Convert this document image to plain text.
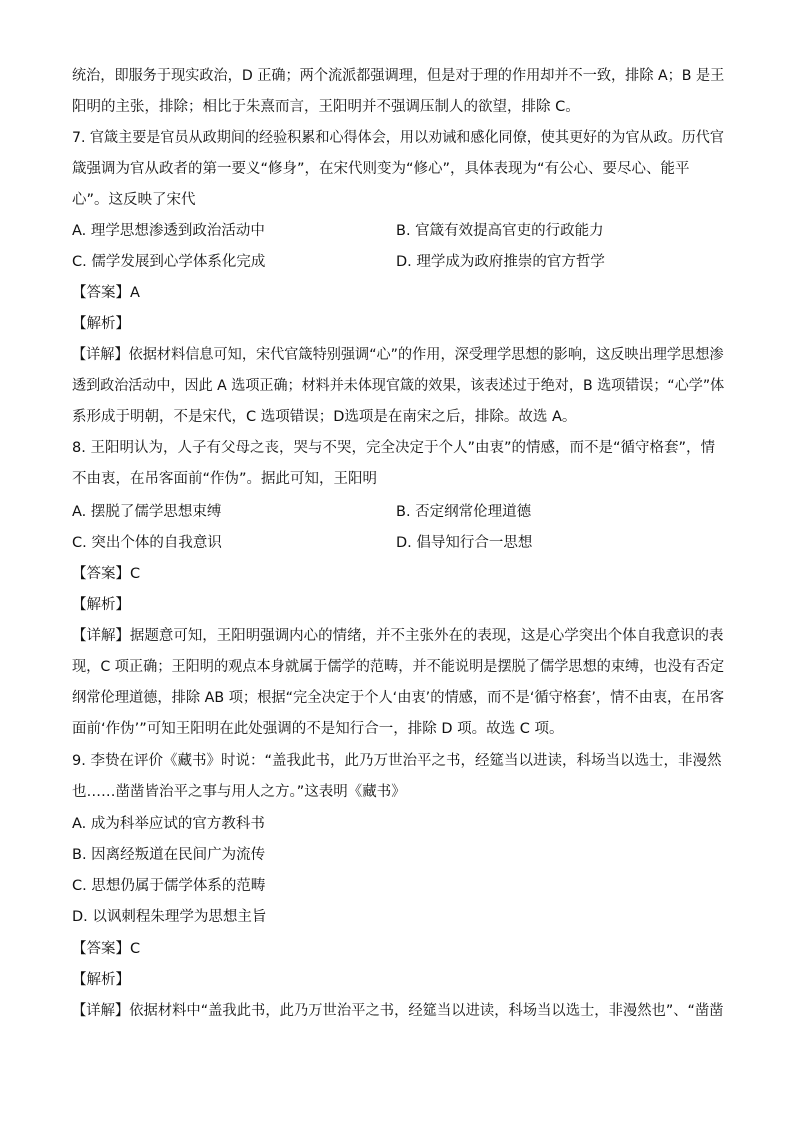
统治，即服务于现实政治，D 正确；两个流派都强调理，但是对于理的作用却并不一致，排除 A；B 是王
阳明的主张，排除；相比于朱熹而言，王阳明并不强调压制人的欲望，排除 C。
7. 官箴主要是官员从政期间的经验积累和心得体会，用以劝诫和感化同僚，使其更好的为官从政。历代官
箴强调为官从政者的第一要义“修身”，在宋代则变为“修心”，具体表现为“有公心、要尽心、能平
心”。这反映了宋代
A. 理学思想渗透到政治活动中	B. 官箴有效提高官吏的行政能力
C. 儒学发展到心学体系化完成	D. 理学成为政府推崇的官方哲学
【答案】A
【解析】
【详解】依据材料信息可知，宋代官箴特别强调“心”的作用，深受理学思想的影响，这反映出理学思想渗
透到政治活动中，因此 A 选项正确；材料并未体现官箴的效果，该表述过于绝对，B 选项错误；“心学”体
系形成于明朝，不是宋代，C 选项错误；D选项是在南宋之后，排除。故选 A。
8. 王阳明认为，人子有父母之丧，哭与不哭，完全决定于个人”由衷”的情感，而不是“循守格套”，情
不由衷，在吊客面前“作伪”。据此可知，王阳明
A. 摆脱了儒学思想束缚	B. 否定纲常伦理道德
C. 突出个体的自我意识	D. 倡导知行合一思想
【答案】C
【解析】
【详解】据题意可知，王阳明强调内心的情绪，并不主张外在的表现，这是心学突出个体自我意识的表
现，C 项正确；王阳明的观点本身就属于儒学的范畴，并不能说明是摆脱了儒学思想的束缚，也没有否定
纲常伦理道德，排除 AB 项；根据“完全决定于个人‘由衷’的情感，而不是‘循守格套’，情不由衷，在吊客
面前‘作伪’”可知王阳明在此处强调的不是知行合一，排除 D 项。故选 C 项。
9. 李贽在评价《藏书》时说：“盖我此书，此乃万世治平之书，经筵当以进读，科场当以选士，非漫然
也……凿凿皆治平之事与用人之方。”这表明《藏书》
A. 成为科举应试的官方教科书
B. 因离经叛道在民间广为流传
C. 思想仍属于儒学体系的范畴
D. 以讽刺程朱理学为思想主旨
【答案】C
【解析】
【详解】依据材料中“盖我此书，此乃万世治平之书，经筵当以进读，科场当以选士，非漫然也”、“凿凿
